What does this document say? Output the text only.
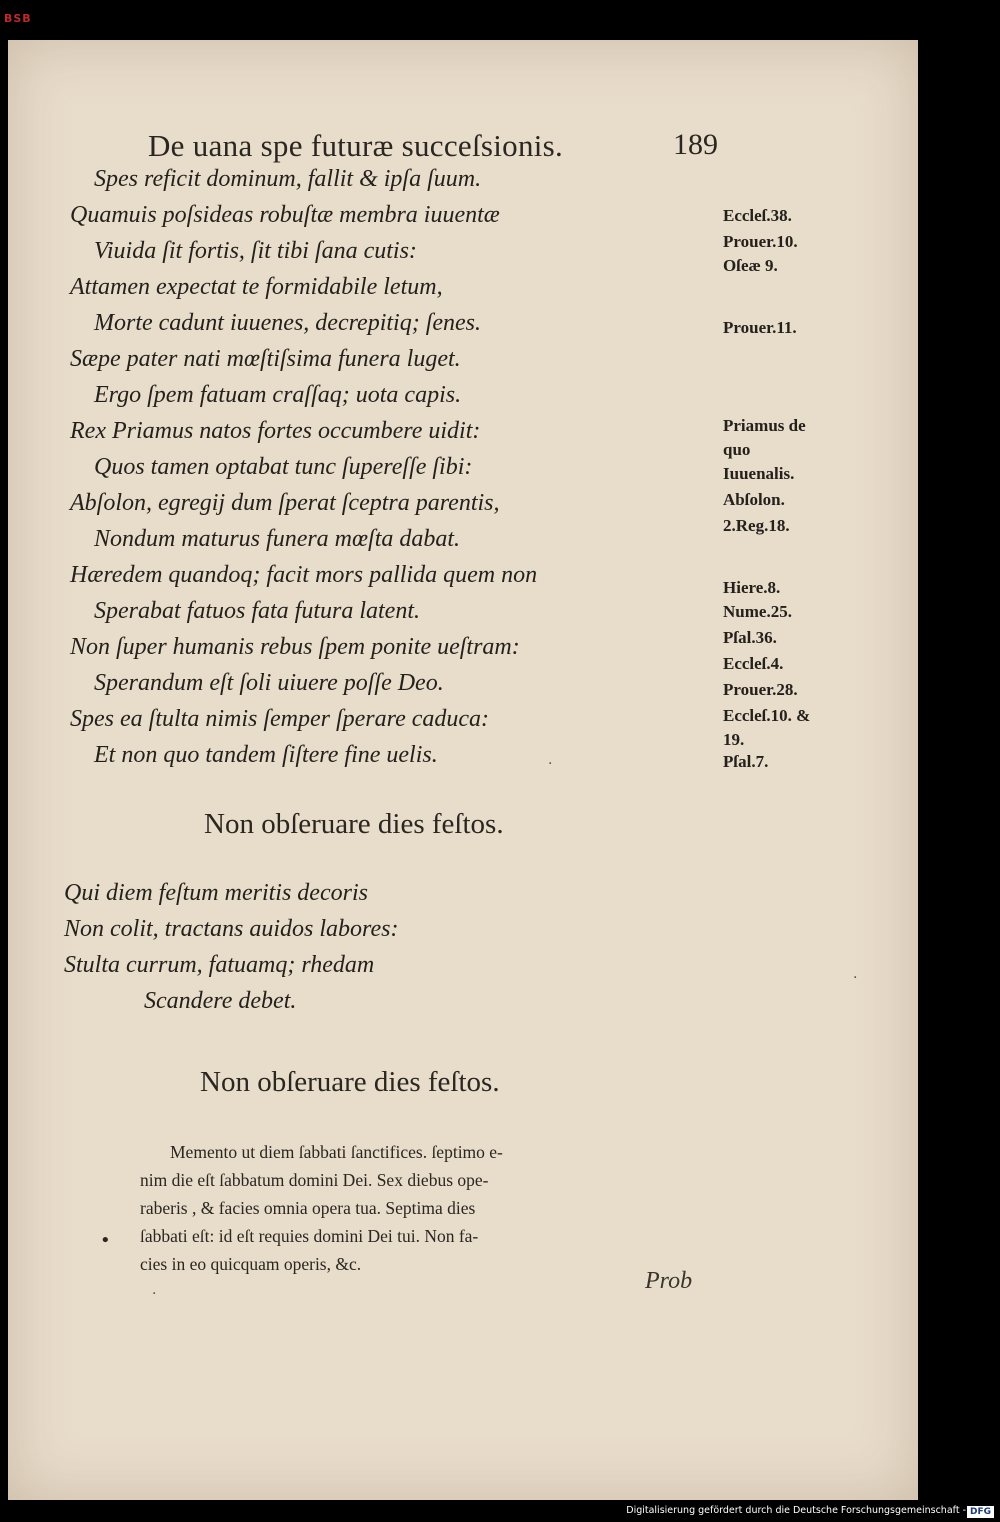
BSB
De uana spe futuræ succeſsionis.	189
Spes reficit dominum, fallit & ipſa ſuum.
Quamuis poſsideas robuſtæ membra iuuentæ
Viuida ſit fortis, ſit tibi ſana cutis:
Attamen expectat te formidabile letum,
Morte cadunt iuuenes, decrepitiq; ſenes.
Sæpe pater nati mœſtiſsima funera luget.
Ergo ſpem fatuam craſſaq; uota capis.
Rex Priamus natos fortes occumbere uidit:
Quos tamen optabat tunc ſupereſſe ſibi:
Abſolon, egregij dum ſperat ſceptra parentis,
Nondum maturus funera mœſta dabat.
Hæredem quandoq; facit mors pallida quem non
Sperabat fatuos fata futura latent.
Non ſuper humanis rebus ſpem ponite ueſtram:
Sperandum eſt ſoli uiuere poſſe Deo.
Spes ea ſtulta nimis ſemper ſperare caduca:
Et non quo tandem ſiſtere fine uelis.
Eccleſ.38.
Prouer.10.
Oſeæ 9.
Prouer.11.
Priamus de
quo
Iuuenalis.
Abſolon.
2.Reg.18.
Hiere.8.
Nume.25.
Pſal.36.
Eccleſ.4.
Prouer.28.
Eccleſ.10. &
19.
Pſal.7.
Non obſeruare dies feſtos.
Qui diem feſtum meritis decoris
Non colit, tractans auidos labores:
Stulta currum, fatuamq; rhedam
Scandere debet.
Non obſeruare dies feſtos.
Memento ut diem ſabbati ſanctifices. ſeptimo e-
nim die eſt ſabbatum domini Dei. Sex diebus ope-
raberis , & facies omnia opera tua. Septima dies
ſabbati eſt: id eſt requies domini Dei tui. Non fa-
cies in eo quicquam operis, &c.
•
·
·
·
Prob
Digitalisierung gefördert durch die Deutsche Forschungsgemeinschaft - DFG
